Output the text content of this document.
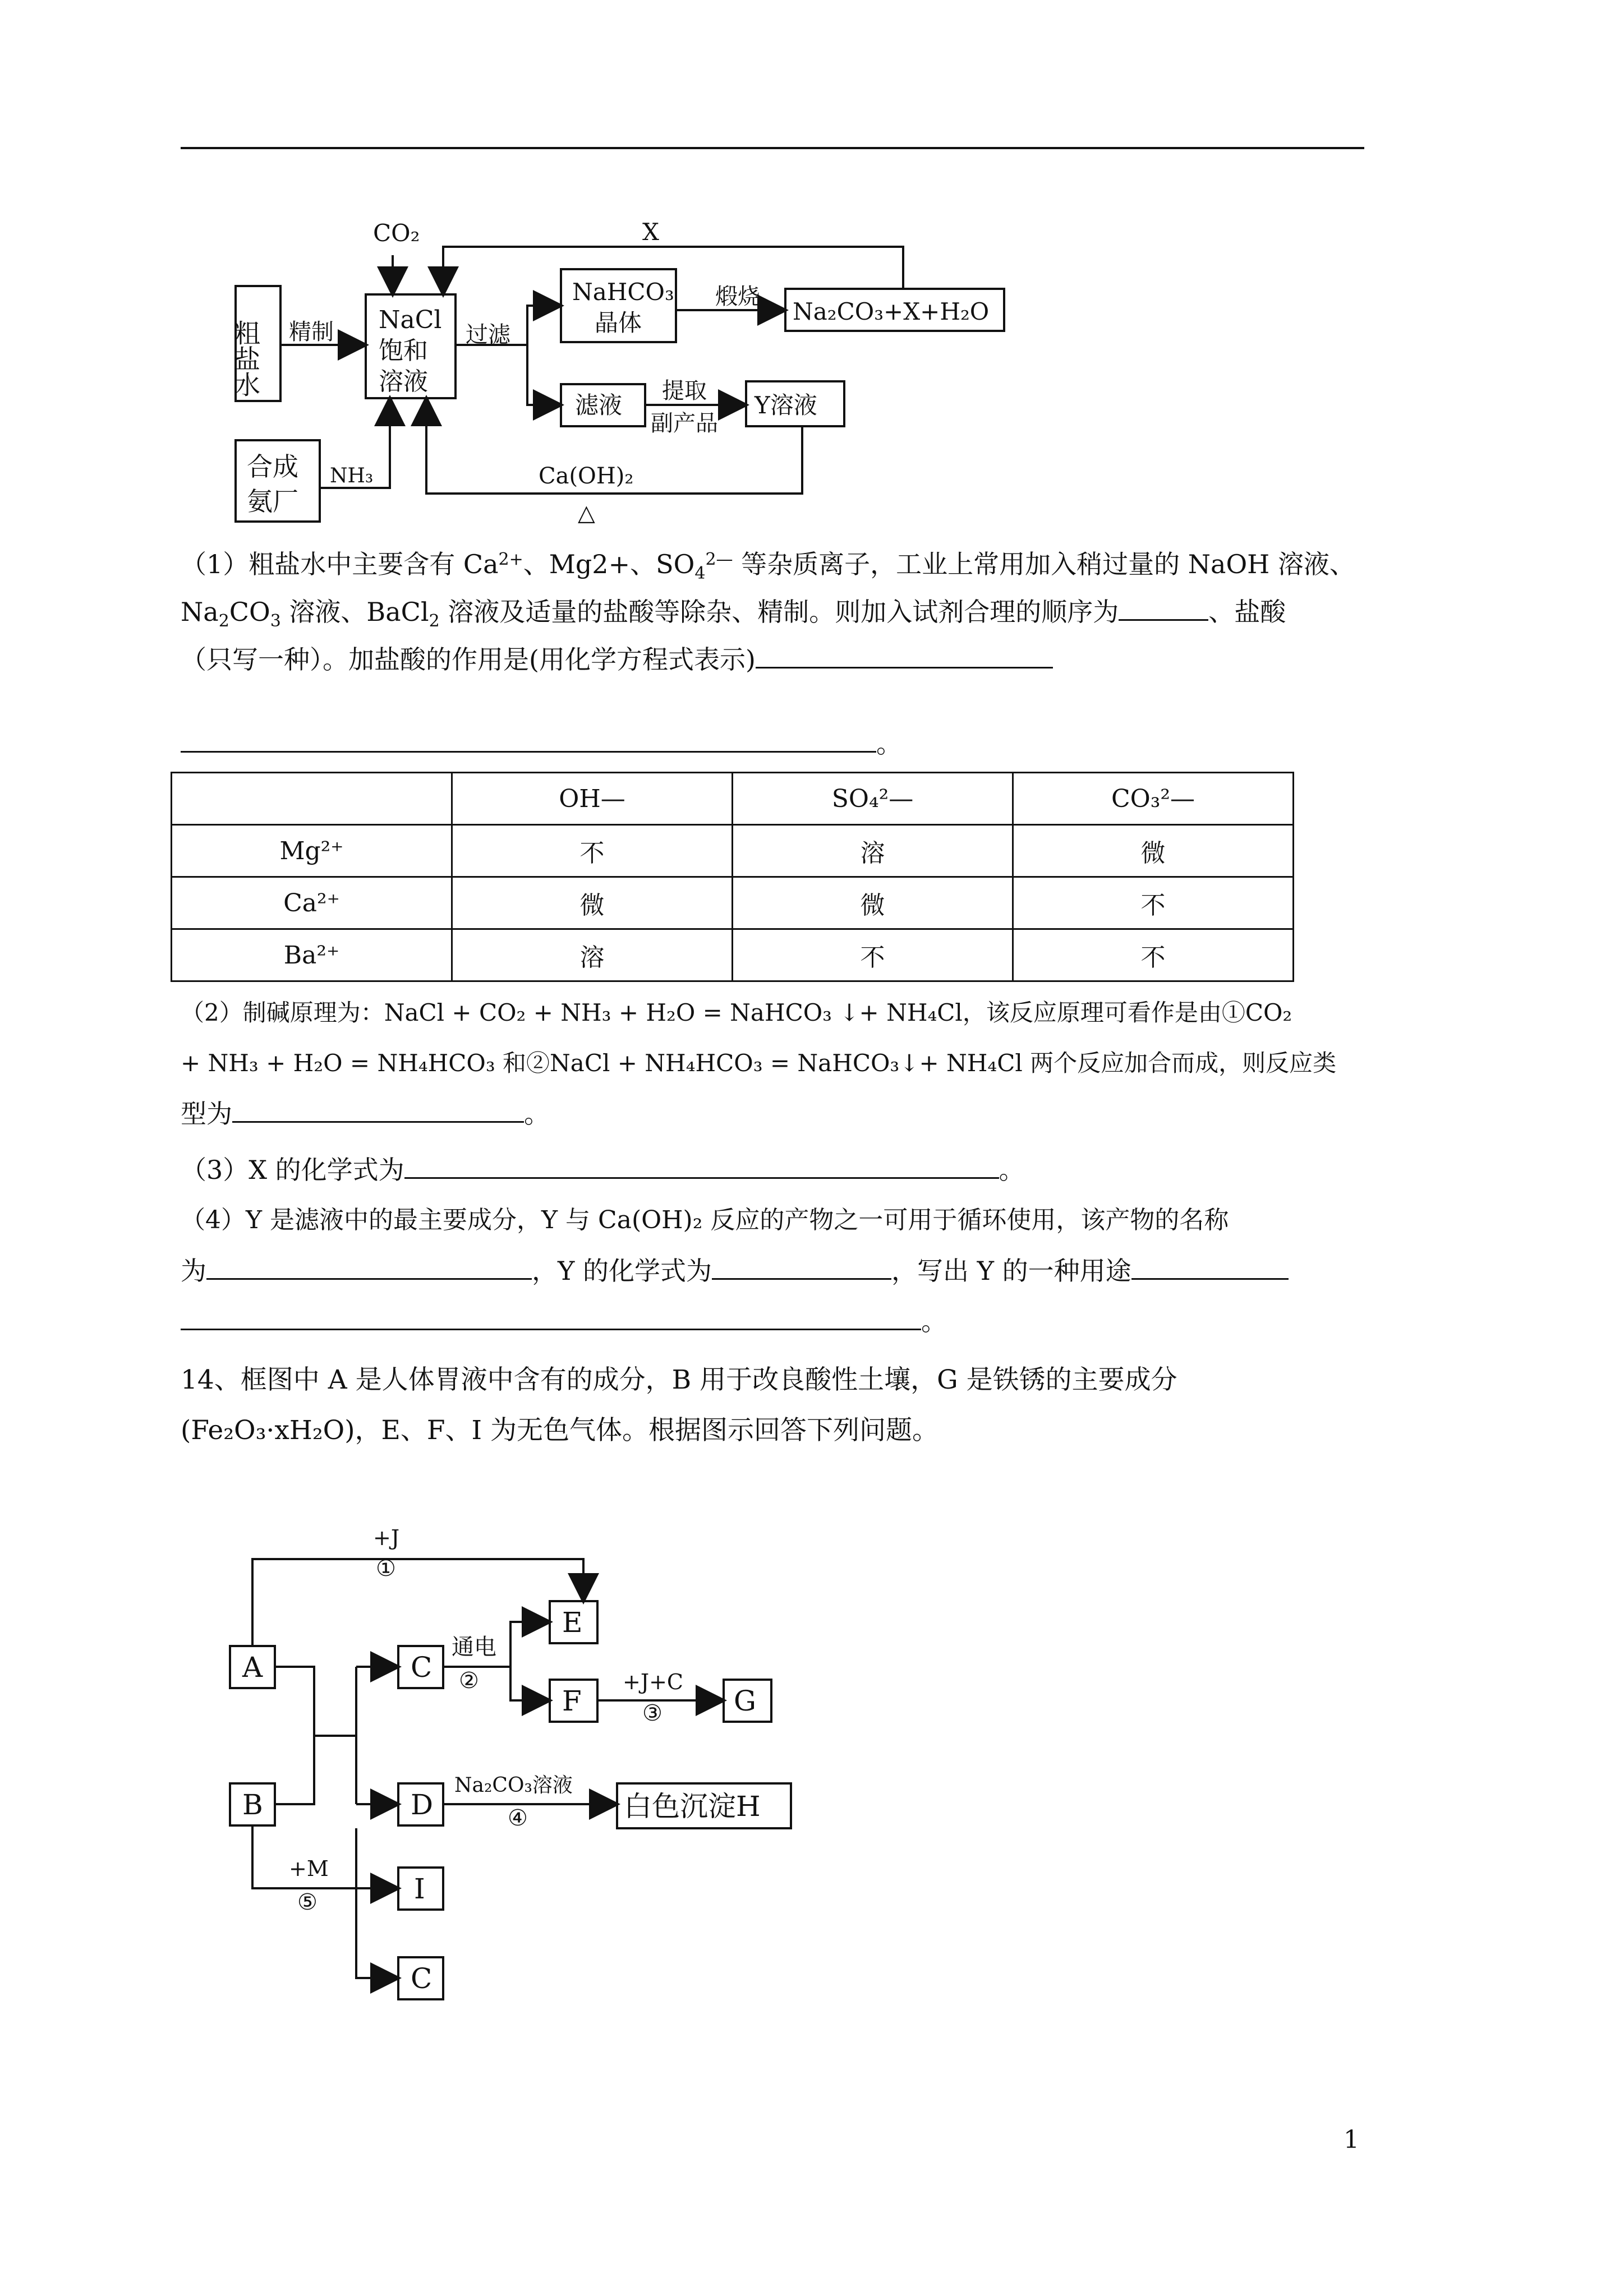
粗盐水 精制
CO₂	X
NaCl
饱和
溶液
过滤
NaHCO₃
晶体
煅烧
Na₂CO₃+X+H₂O
滤液
提取
副产品
Y溶液
合成
氨厂
NH₃	Ca(OH)₂
△
（1）粗盐水中主要含有 $Ca^{2+}$、Mg2+、$SO_4^{2—}$ 等杂质离子，工业上常用加入稍过量的 NaOH 溶液、
$Na_2CO_3$ 溶液、BaCl$_2$ 溶液及适量的盐酸等除杂、精制。则加入试剂合理的顺序为	、盐酸
（只写一种）。加盐酸的作用是(用化学方程式表示)
。
	OH—	SO₄²—	CO₃²—
Mg²⁺	不	溶	微
Ca²⁺	微	微	不
Ba²⁺	溶	不	不
（2）制碱原理为：NaCl + CO₂ + NH₃ + H₂O = NaHCO₃ ↓+ NH₄Cl，该反应原理可看作是由①CO₂
+ NH₃ + H₂O = NH₄HCO₃ 和②NaCl + NH₄HCO₃ = NaHCO₃↓+ NH₄Cl 两个反应加合而成，则反应类
型为	。
（3）X 的化学式为	。
（4）Y 是滤液中的最主要成分，Y 与 Ca(OH)₂ 反应的产物之一可用于循环使用，该产物的名称
为	，Y 的化学式为	，写出 Y 的一种用途
。
14、框图中 A 是人体胃液中含有的成分，B 用于改良酸性土壤，G 是铁锈的主要成分
(Fe₂O₃·xH₂O)，E、F、I 为无色气体。根据图示回答下列问题。
A
B
C
D
I
C
E
F	G
+J
①
通电
②	+J+C
③
Na₂CO₃溶液
④	白色沉淀H
+M
⑤
1
